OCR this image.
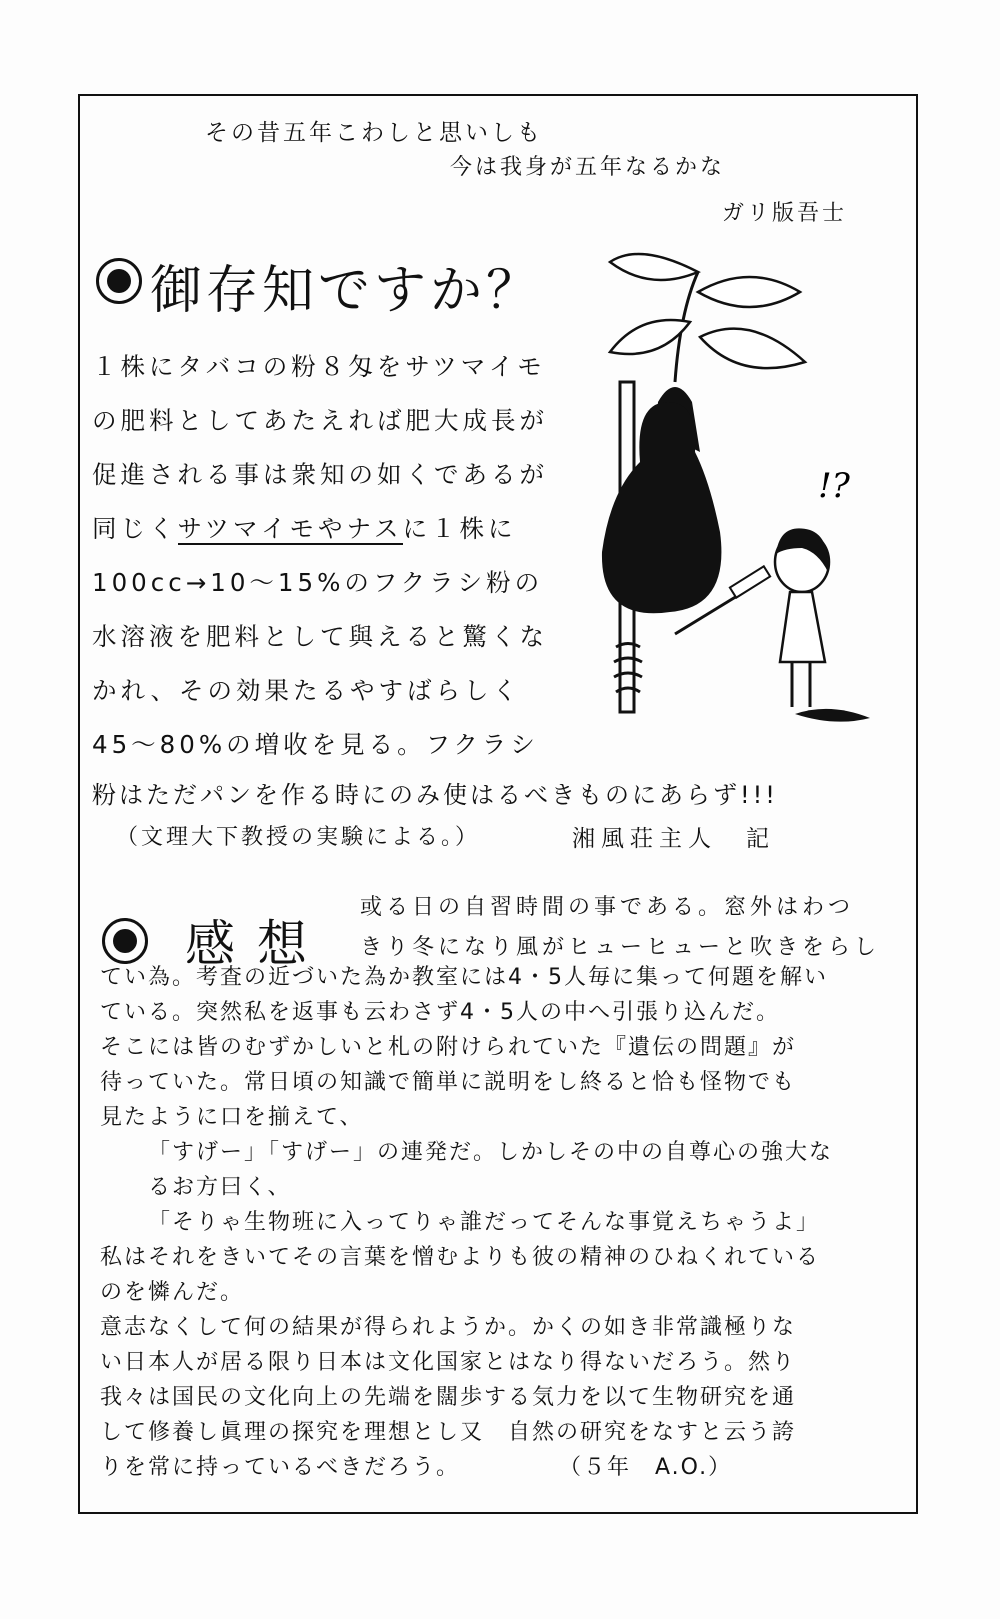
その昔五年こわしと思いしも
今は我身が五年なるかな
ガリ版吾士
御存知ですか？
１株にタバコの粉８匁をサツマイモ
の肥料としてあたえれば肥大成長が
促進される事は衆知の如くであるが
同じくサツマイモやナスに１株に
100cc→10～15%のフクラシ粉の
水溶液を肥料として與えると驚くな
かれ、その効果たるやすばらしく
45～80%の増收を見る。フクラシ
粉はただパンを作る時にのみ使はるべきものにあらず!!!
（文理大下教授の実験による。）	湘風荘主人　記
!?
感想
或る日の自習時間の事である。窓外はわつ
きり冬になり風がヒューヒューと吹きをらし
てい為。考査の近づいた為か教室には4・5人毎に集って何題を解い
ている。突然私を返事も云わさず4・5人の中へ引張り込んだ。
そこには皆のむずかしいと札の附けられていた『遺伝の問題』が
待っていた。常日頃の知識で簡単に説明をし終ると恰も怪物でも
見たように口を揃えて、
「すげー」「すげー」の連発だ。しかしその中の自尊心の強大な
るお方曰く、
「そりゃ生物班に入ってりゃ誰だってそんな事覚えちゃうよ」
私はそれをきいてその言葉を憎むよりも彼の精神のひねくれている
のを憐んだ。
意志なくして何の結果が得られようか。かくの如き非常識極りな
い日本人が居る限り日本は文化国家とはなり得ないだろう。然り
我々は国民の文化向上の先端を闊歩する気力を以て生物研究を通
して修養し眞理の探究を理想とし又　自然の研究をなすと云う誇
りを常に持っているべきだろう。	（５年　A.O.）
